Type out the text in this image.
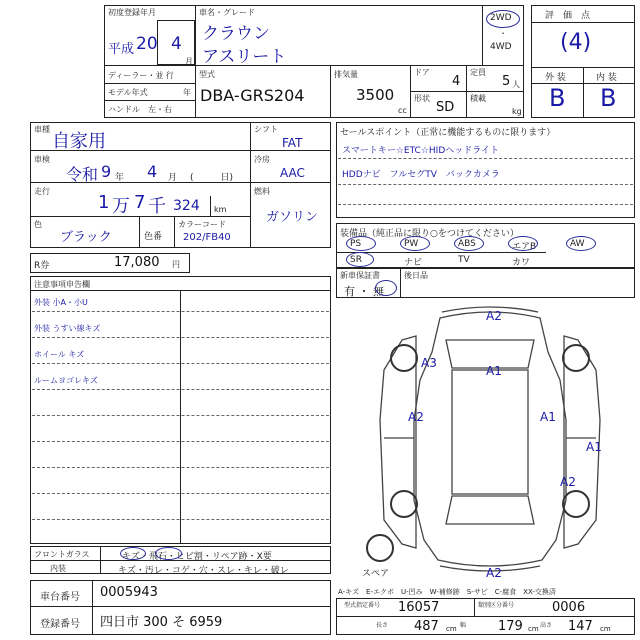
初度登録年月
平成 20 4
月
車名・グレード
クラウン
アスリート
2WD
・
4WD
ディーラー・並 行
モデル年式	年
ハンドル　左・右
型式
DBA-GRS204
排気量
3500
cc
ドア
4
定員
5 人
形状
SD
積載
kg
評　価　点
(4)
外 装	内 装
B B
車種
自家用
車検
令和 9 年 4 月 (　　　日)
走行
1 万 7 千 324 km
色
ブラック	色番
カラーコード
202/FB40
シフト
FAT
冷房
AAC
燃料
ガソリン
R券	17,080 円
セールスポイント（正常に機能するものに限ります）
スマートキー☆ETC☆HIDヘッドライト
HDDナビ　フルセグTV　バックカメラ
装備品（純正品に限り○をつけてください）
PS	PW	ABS	エアB	AW
SR	ナビ	TV	カワ
新車保証書
有 ・ 無
後日品
注意事項申告欄
外装 小A・小U
外装 うすい線キズ
ホイール キズ
ルームヨゴレキズ
フロントガラス	キズ・飛石・ヒビ割・リペア跡・X要
内装	キズ・汚レ・コゲ・穴・スレ・キレ・破レ
車台番号 0005943
登録番号 四日市 300 そ 6959
型式指定番号 16057	類別区分番号	0006
長さ 487 cm 幅 179 cm 高さ 147 cm
A2
A3
A1
A2	A1
A1
A2
A2
スペア
A-キズ　E-エクボ　U-凹み　W-補修跡　S-サビ　C-腐食　XX-交換済
